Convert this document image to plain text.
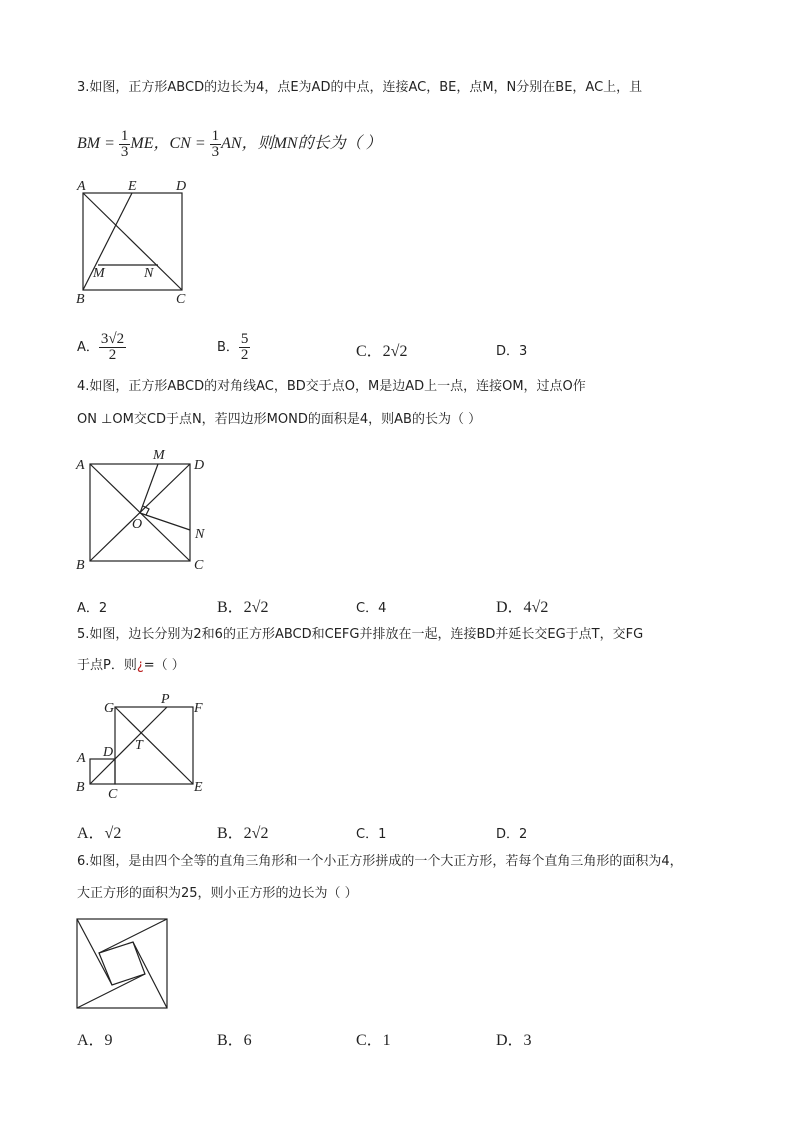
3.如图，正方形ABCD的边长为4，点E为AD的中点，连接AC，BE，点M，N分别在BE，AC上，且
BM = $\frac{1}{3}$ ME，CN = $\frac{1}{3}$ AN，则MN的长为（ ）
A	E	D
M	N
B	C
A． $\frac{3√2}{2}$	B． $\frac{5}{2}$	C．2√2	D．3
4.如图，正方形ABCD的对角线AC，BD交于点O，M是边AD上一点，连接OM，过点O作
ON ⊥OM交CD于点N，若四边形MOND的面积是4，则AB的长为（ ）
A
M
D
O
N
B	C
A．2	B．2√2	C．4	D．4√2
5.如图，边长分别为2和6的正方形ABCD和CEFG并排放在一起，连接BD并延长交EG于点T，交FG
于点P．则¿=（ ）
G
P
F
A D T
B C	E
A．√2	B．2√2	C．1	D．2
6.如图，是由四个全等的直角三角形和一个小正方形拼成的一个大正方形，若每个直角三角形的面积为4，
大正方形的面积为25，则小正方形的边长为（ ）
A．9	B．6	C．1	D．3
